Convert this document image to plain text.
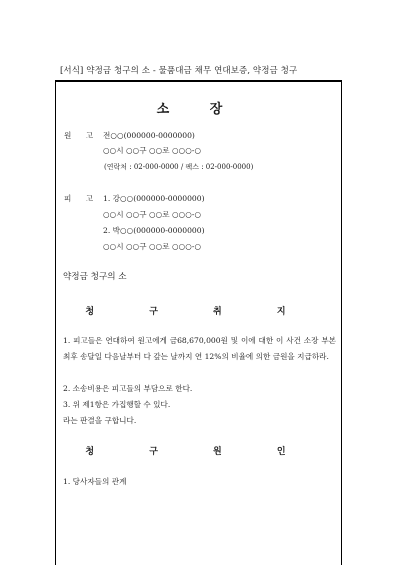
[서식] 약정금 청구의 소 - 물품대금 채무 연대보증, 약정금 청구
소 장
원 고 전○○(000000-0000000)
○○시 ○○구 ○○로 ○○○-○
(연락처 : 02-000-0000 / 팩스 : 02-000-0000)
피 고 1. 강○○(000000-0000000)
○○시 ○○구 ○○로 ○○○-○
2. 박○○(000000-0000000)
○○시 ○○구 ○○로 ○○○-○
약정금 청구의 소
청 구 취 지
1. 피고들은 연대하여 원고에게 금68,670,000원 및 이에 대한 이 사건 소장 부본 최후 송달일 다음날부터 다 갚는 날까지 연 12%의 비율에 의한 금원을 지급하라.
2. 소송비용은 피고들의 부담으로 한다.
3. 위 제1항은 가집행할 수 있다.
라는 판결을 구합니다.
청 구 원 인
1. 당사자들의 관계
